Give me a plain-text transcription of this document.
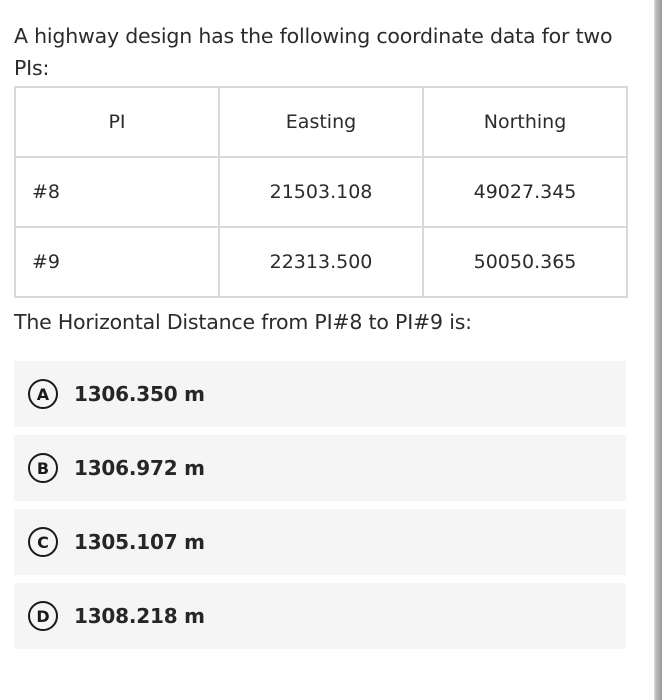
A highway design has the following coordinate data for two PIs:
PI	Easting	Northing
#8	21503.108	49027.345
#9	22313.500	50050.365
The Horizontal Distance from PI#8 to PI#9 is:
A	1306.350 m
B	1306.972 m
C	1305.107 m
D	1308.218 m
